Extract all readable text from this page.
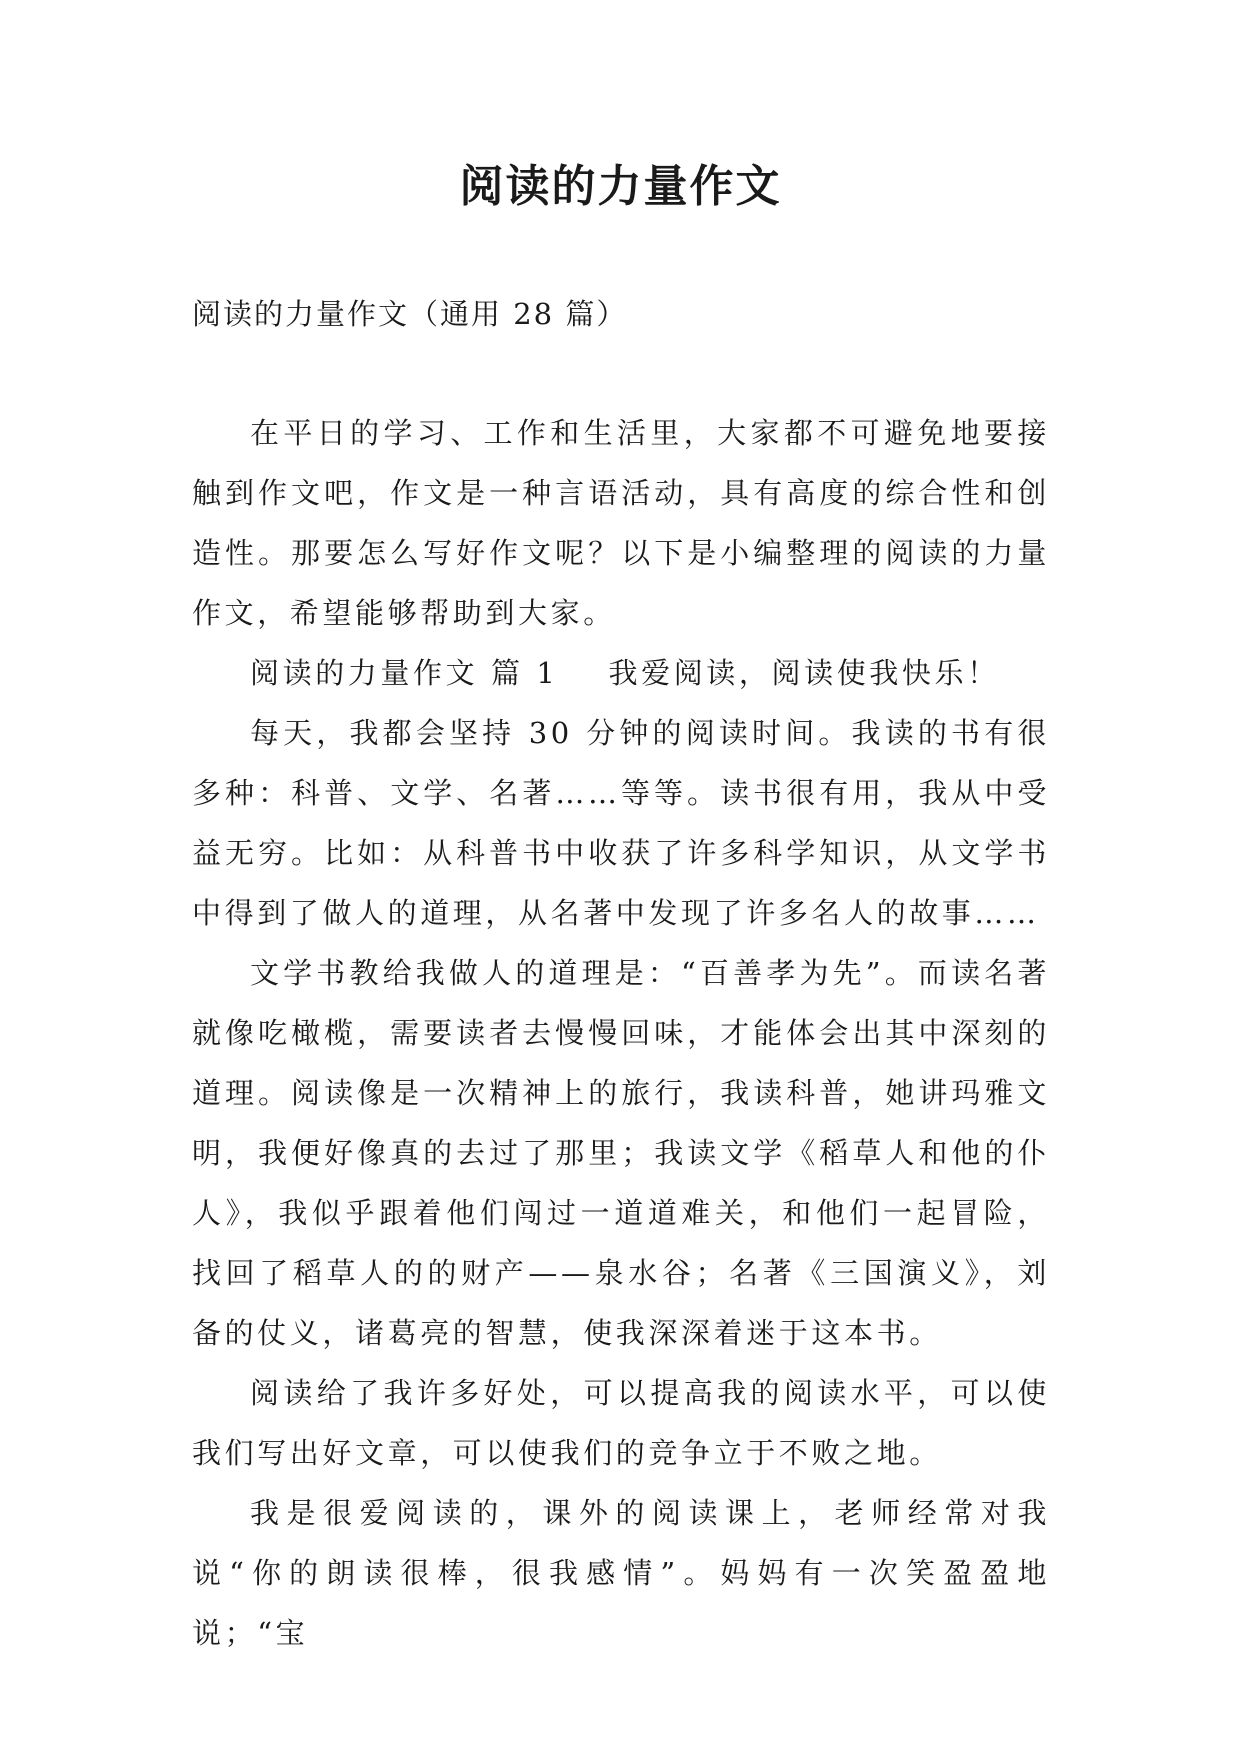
阅读的力量作文

阅读的力量作文（通用 28 篇）

在平日的学习、工作和生活里，大家都不可避免地要接触到作文吧，作文是一种言语活动，具有高度的综合性和创造性。那要怎么写好作文呢？以下是小编整理的阅读的力量作文，希望能够帮助到大家。

阅读的力量作文 篇 1 我爱阅读，阅读使我快乐！

每天，我都会坚持 30 分钟的阅读时间。我读的书有很多种：科普、文学、名著……等等。读书很有用，我从中受益无穷。比如：从科普书中收获了许多科学知识，从文学书中得到了做人的道理，从名著中发现了许多名人的故事……

文学书教给我做人的道理是：“百善孝为先”。而读名著就像吃橄榄，需要读者去慢慢回味，才能体会出其中深刻的道理。阅读像是一次精神上的旅行，我读科普，她讲玛雅文明，我便好像真的去过了那里；我读文学《稻草人和他的仆人》，我似乎跟着他们闯过一道道难关，和他们一起冒险，找回了稻草人的的财产——泉水谷；名著《三国演义》，刘备的仗义，诸葛亮的智慧，使我深深着迷于这本书。

阅读给了我许多好处，可以提高我的阅读水平，可以使我们写出好文章，可以使我们的竞争立于不败之地。

我是很爱阅读的，课外的阅读课上，老师经常对我说“你的朗读很棒，很我感情”。妈妈有一次笑盈盈地说；“宝
